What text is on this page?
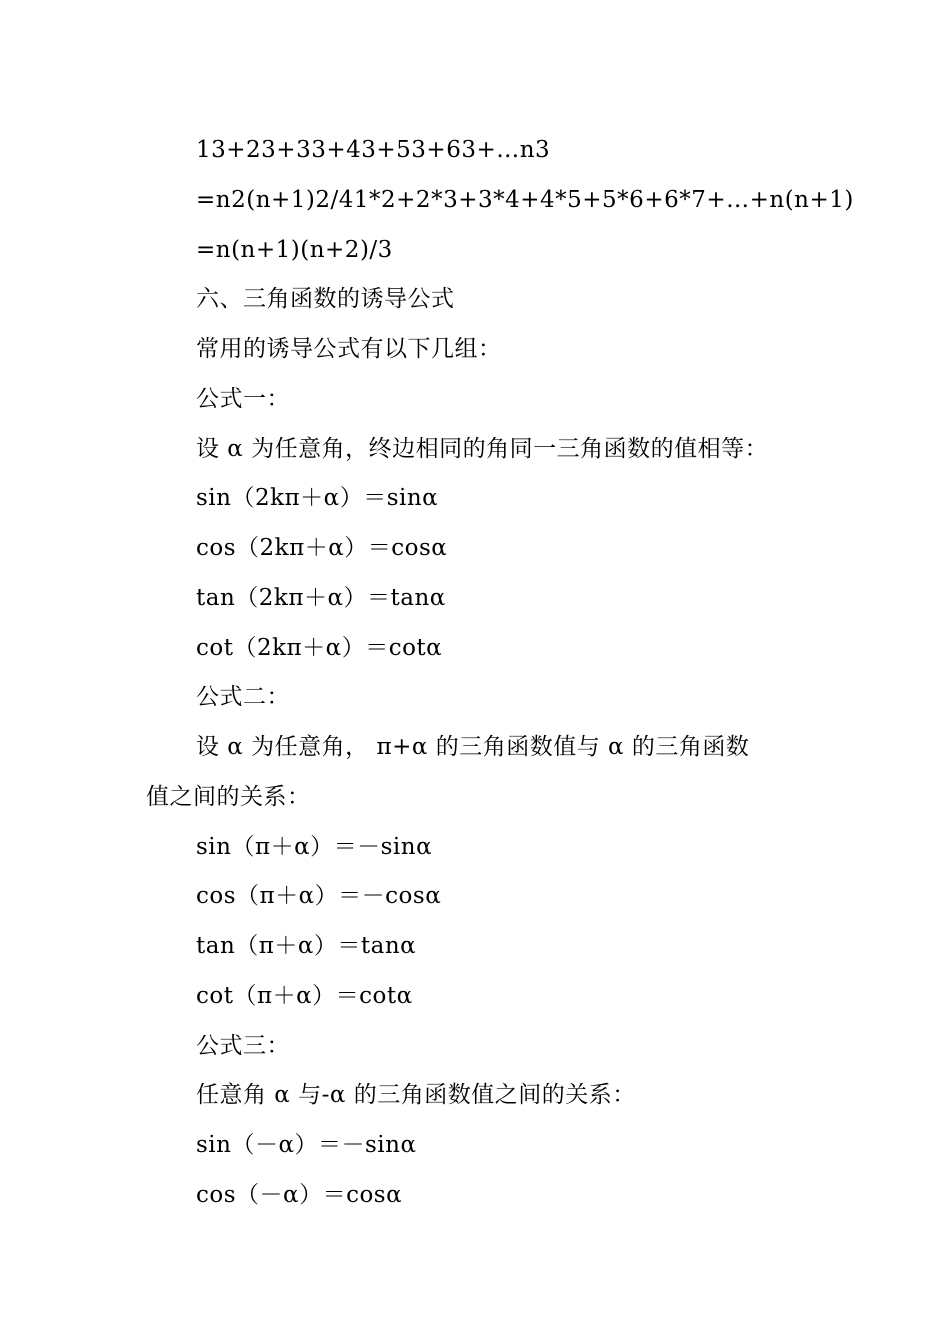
13+23+33+43+53+63+…n3
=n2(n+1)2/41*2+2*3+3*4+4*5+5*6+6*7+…+n(n+1)
=n(n+1)(n+2)/3
六、三角函数的诱导公式
常用的诱导公式有以下几组：
公式一：
设 α 为任意角，终边相同的角同一三角函数的值相等：
sin（2kπ＋α）＝sinα
cos（2kπ＋α）＝cosα
tan（2kπ＋α）＝tanα
cot（2kπ＋α）＝cotα
公式二：
设 α 为任意角， π+α 的三角函数值与 α 的三角函数
值之间的关系：
sin（π＋α）＝－sinα
cos（π＋α）＝－cosα
tan（π＋α）＝tanα
cot（π＋α）＝cotα
公式三：
任意角 α 与-α 的三角函数值之间的关系：
sin（－α）＝－sinα
cos（－α）＝cosα
